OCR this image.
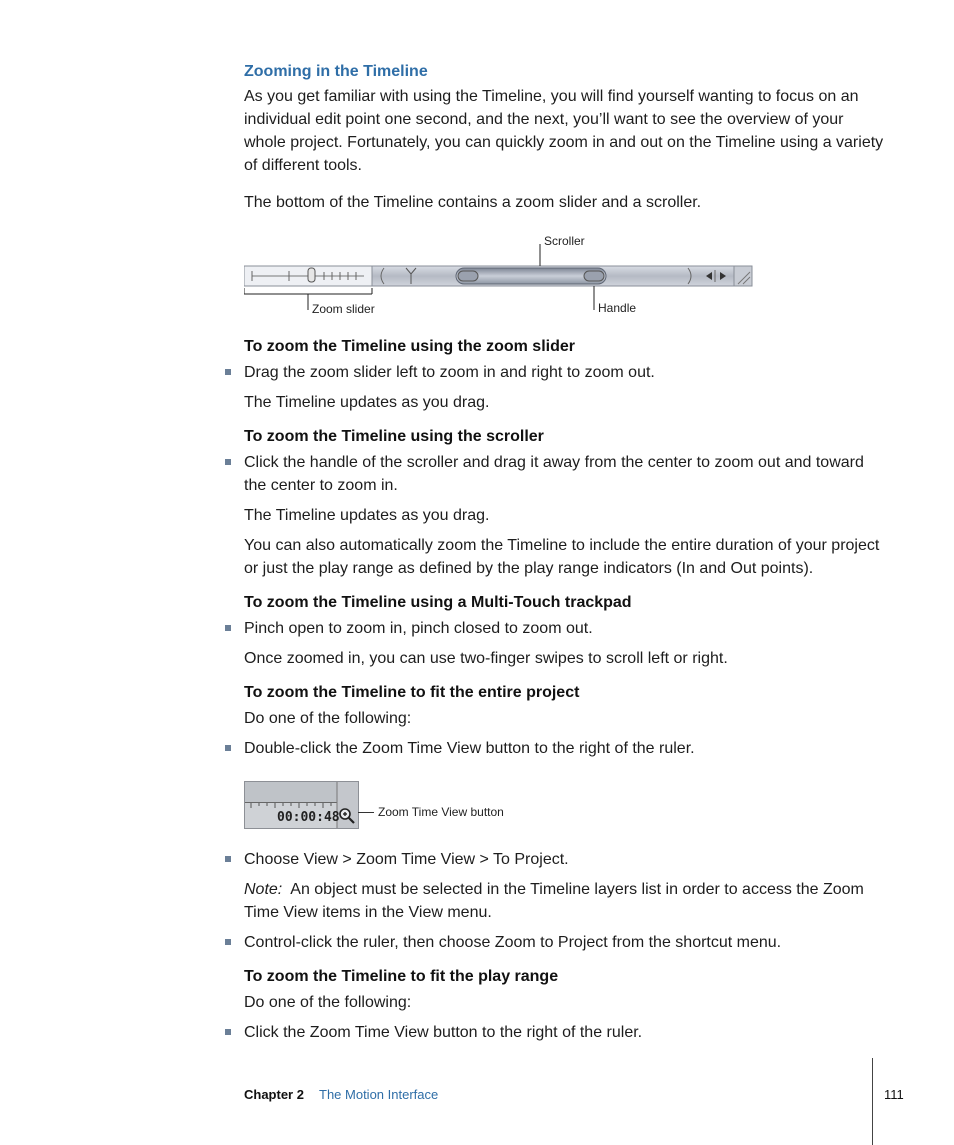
Zooming in the Timeline
As you get familiar with using the Timeline, you will find yourself wanting to focus on an individual edit point one second, and the next, you’ll want to see the overview of your whole project. Fortunately, you can quickly zoom in and out on the Timeline using a variety of different tools.
The bottom of the Timeline contains a zoom slider and a scroller.
Scroller
Zoom slider	Handle
To zoom the Timeline using the zoom slider
Drag the zoom slider left to zoom in and right to zoom out.
The Timeline updates as you drag.
To zoom the Timeline using the scroller
Click the handle of the scroller and drag it away from the center to zoom out and toward the center to zoom in.
The Timeline updates as you drag.
You can also automatically zoom the Timeline to include the entire duration of your project or just the play range as defined by the play range indicators (In and Out points).
To zoom the Timeline using a Multi-Touch trackpad
Pinch open to zoom in, pinch closed to zoom out.
Once zoomed in, you can use two-finger swipes to scroll left or right.
To zoom the Timeline to fit the entire project
Do one of the following:
Double-click the Zoom Time View button to the right of the ruler.
00:00:48	Zoom Time View button
Choose View > Zoom Time View > To Project.
Note: An object must be selected in the Timeline layers list in order to access the Zoom Time View items in the View menu.
Control-click the ruler, then choose Zoom to Project from the shortcut menu.
To zoom the Timeline to fit the play range
Do one of the following:
Click the Zoom Time View button to the right of the ruler.
Chapter 2 The Motion Interface	111
